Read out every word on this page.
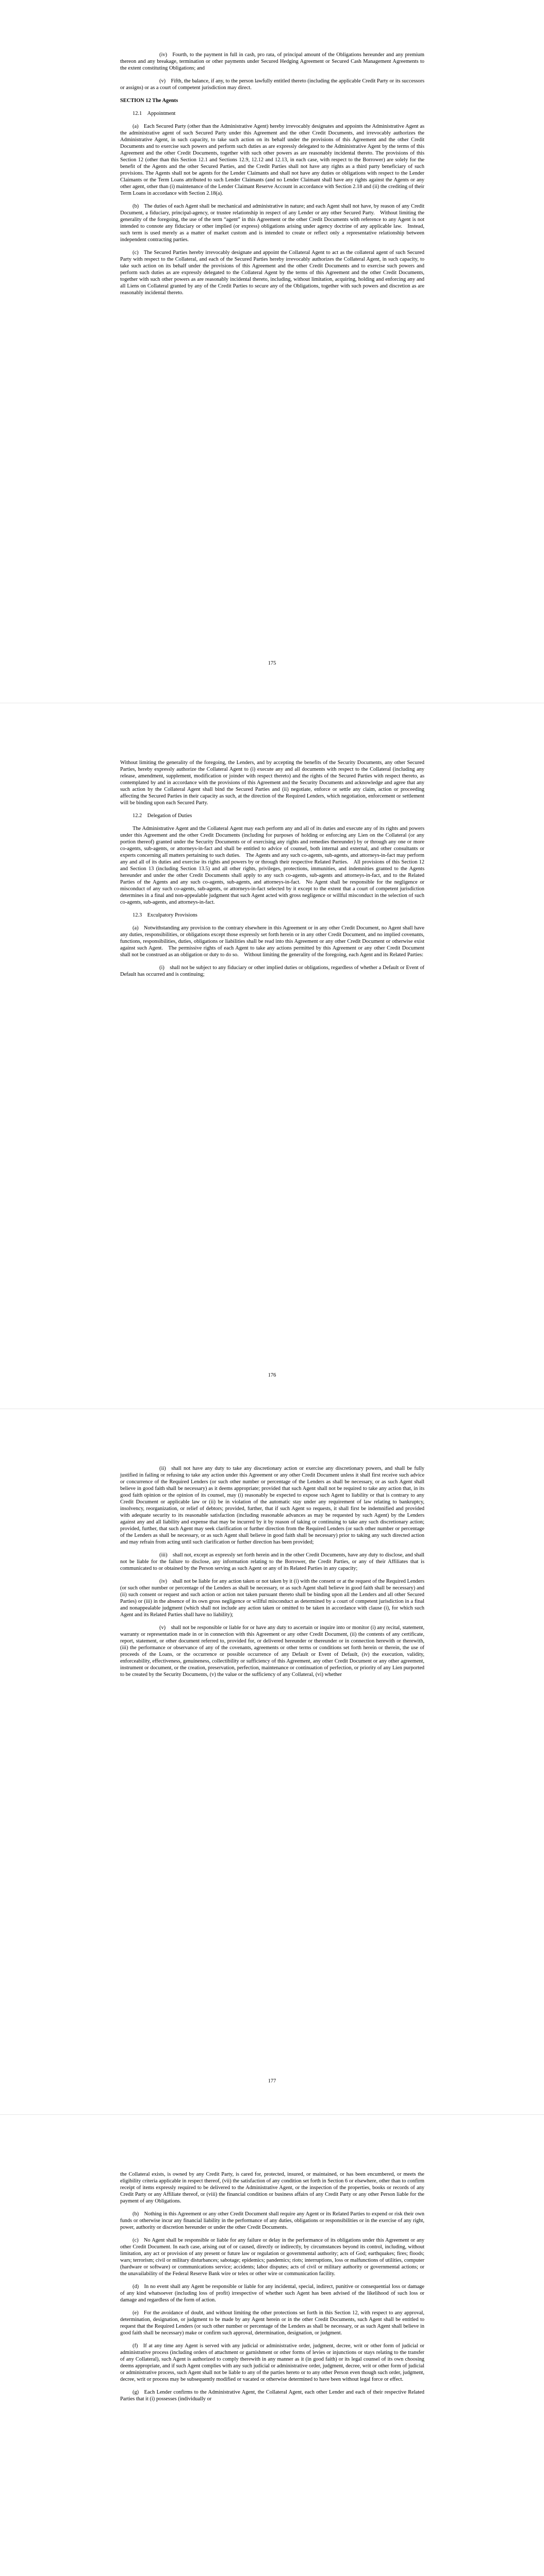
(iv) Fourth, to the payment in full in cash, pro rata, of principal amount of the Obligations hereunder and any premium thereon and any breakage, termination or other payments under Secured Hedging Agreement or Secured Cash Management Agreements to the extent constituting Obligations; and

(v) Fifth, the balance, if any, to the person lawfully entitled thereto (including the applicable Credit Party or its successors or assigns) or as a court of competent jurisdiction may direct.

SECTION 12 The Agents

12.1 Appointment

(a) Each Secured Party (other than the Administrative Agent) hereby irrevocably designates and appoints the Administrative Agent as the administrative agent of such Secured Party under this Agreement and the other Credit Documents, and irrevocably authorizes the Administrative Agent, in such capacity, to take such action on its behalf under the provisions of this Agreement and the other Credit Documents and to exercise such powers and perform such duties as are expressly delegated to the Administrative Agent by the terms of this Agreement and the other Credit Documents, together with such other powers as are reasonably incidental thereto. The provisions of this Section 12 (other than this Section 12.1 and Sections 12.9, 12.12 and 12.13, in each case, with respect to the Borrower) are solely for the benefit of the Agents and the other Secured Parties, and the Credit Parties shall not have any rights as a third party beneficiary of such provisions. The Agents shall not be agents for the Lender Claimants and shall not have any duties or obligations with respect to the Lender Claimants or the Term Loans attributed to such Lender Claimants (and no Lender Claimant shall have any rights against the Agents or any other agent, other than (i) maintenance of the Lender Claimant Reserve Account in accordance with Section 2.18 and (ii) the crediting of their Term Loans in accordance with Section 2.18(a).

(b) The duties of each Agent shall be mechanical and administrative in nature; and each Agent shall not have, by reason of any Credit Document, a fiduciary, principal-agency, or trustee relationship in respect of any Lender or any other Secured Party. Without limiting the generality of the foregoing, the use of the term “agent” in this Agreement or the other Credit Documents with reference to any Agent is not intended to connote any fiduciary or other implied (or express) obligations arising under agency doctrine of any applicable law. Instead, such term is used merely as a matter of market custom and is intended to create or reflect only a representative relationship between independent contracting parties.

(c) The Secured Parties hereby irrevocably designate and appoint the Collateral Agent to act as the collateral agent of such Secured Party with respect to the Collateral, and each of the Secured Parties hereby irrevocably authorizes the Collateral Agent, in such capacity, to take such action on its behalf under the provisions of this Agreement and the other Credit Documents and to exercise such powers and perform such duties as are expressly delegated to the Collateral Agent by the terms of this Agreement and the other Credit Documents, together with such other powers as are reasonably incidental thereto, including, without limitation, acquiring, holding and enforcing any and all Liens on Collateral granted by any of the Credit Parties to secure any of the Obligations, together with such powers and discretion as are reasonably incidental thereto.

175

Without limiting the generality of the foregoing, the Lenders, and by accepting the benefits of the Security Documents, any other Secured Parties, hereby expressly authorize the Collateral Agent to (i) execute any and all documents with respect to the Collateral (including any release, amendment, supplement, modification or joinder with respect thereto) and the rights of the Secured Parties with respect thereto, as contemplated by and in accordance with the provisions of this Agreement and the Security Documents and acknowledge and agree that any such action by the Collateral Agent shall bind the Secured Parties and (ii) negotiate, enforce or settle any claim, action or proceeding affecting the Secured Parties in their capacity as such, at the direction of the Required Lenders, which negotiation, enforcement or settlement will be binding upon each Secured Party.

12.2 Delegation of Duties

The Administrative Agent and the Collateral Agent may each perform any and all of its duties and execute any of its rights and powers under this Agreement and the other Credit Documents (including for purposes of holding or enforcing any Lien on the Collateral (or any portion thereof) granted under the Security Documents or of exercising any rights and remedies thereunder) by or through any one or more co-agents, sub-agents, or attorneys-in-fact and shall be entitled to advice of counsel, both internal and external, and other consultants or experts concerning all matters pertaining to such duties. The Agents and any such co-agents, sub-agents, and attorneys-in-fact may perform any and all of its duties and exercise its rights and powers by or through their respective Related Parties. All provisions of this Section 12 and Section 13 (including Section 13.5) and all other rights, privileges, protections, immunities, and indemnities granted to the Agents hereunder and under the other Credit Documents shall apply to any such co-agents, sub-agents and attorneys-in-fact, and to the Related Parties of the Agents and any such co-agents, sub-agents, and attorneys-in-fact. No Agent shall be responsible for the negligence or misconduct of any such co-agents, sub-agents, or attorneys-in-fact selected by it except to the extent that a court of competent jurisdiction determines in a final and non-appealable judgment that such Agent acted with gross negligence or willful misconduct in the selection of such co-agents, sub-agents, and attorneys-in-fact.

12.3 Exculpatory Provisions

(a) Notwithstanding any provision to the contrary elsewhere in this Agreement or in any other Credit Document, no Agent shall have any duties, responsibilities, or obligations except those expressly set forth herein or in any other Credit Document, and no implied covenants, functions, responsibilities, duties, obligations or liabilities shall be read into this Agreement or any other Credit Document or otherwise exist against such Agent. The permissive rights of each Agent to take any actions permitted by this Agreement or any other Credit Document shall not be construed as an obligation or duty to do so. Without limiting the generality of the foregoing, each Agent and its Related Parties:

(i) shall not be subject to any fiduciary or other implied duties or obligations, regardless of whether a Default or Event of Default has occurred and is continuing;

176

(ii) shall not have any duty to take any discretionary action or exercise any discretionary powers, and shall be fully justified in failing or refusing to take any action under this Agreement or any other Credit Document unless it shall first receive such advice or concurrence of the Required Lenders (or such other number or percentage of the Lenders as shall be necessary, or as such Agent shall believe in good faith shall be necessary) as it deems appropriate; provided that such Agent shall not be required to take any action that, in its good faith opinion or the opinion of its counsel, may (i) reasonably be expected to expose such Agent to liability or that is contrary to any Credit Document or applicable law or (ii) be in violation of the automatic stay under any requirement of law relating to bankruptcy, insolvency, reorganization, or relief of debtors; provided, further, that if such Agent so requests, it shall first be indemnified and provided with adequate security to its reasonable satisfaction (including reasonable advances as may be requested by such Agent) by the Lenders against any and all liability and expense that may be incurred by it by reason of taking or continuing to take any such discretionary action; provided, further, that such Agent may seek clarification or further direction from the Required Lenders (or such other number or percentage of the Lenders as shall be necessary, or as such Agent shall believe in good faith shall be necessary) prior to taking any such directed action and may refrain from acting until such clarification or further direction has been provided;

(iii) shall not, except as expressly set forth herein and in the other Credit Documents, have any duty to disclose, and shall not be liable for the failure to disclose, any information relating to the Borrower, the Credit Parties, or any of their Affiliates that is communicated to or obtained by the Person serving as such Agent or any of its Related Parties in any capacity;

(iv) shall not be liable for any action taken or not taken by it (i) with the consent or at the request of the Required Lenders (or such other number or percentage of the Lenders as shall be necessary, or as such Agent shall believe in good faith shall be necessary) and (ii) such consent or request and such action or action not taken pursuant thereto shall be binding upon all the Lenders and all other Secured Parties) or (iii) in the absence of its own gross negligence or willful misconduct as determined by a court of competent jurisdiction in a final and nonappealable judgment (which shall not include any action taken or omitted to be taken in accordance with clause (i), for which such Agent and its Related Parties shall have no liability);

(v) shall not be responsible or liable for or have any duty to ascertain or inquire into or monitor (i) any recital, statement, warranty or representation made in or in connection with this Agreement or any other Credit Document, (ii) the contents of any certificate, report, statement, or other document referred to, provided for, or delivered hereunder or thereunder or in connection herewith or therewith, (iii) the performance or observance of any of the covenants, agreements or other terms or conditions set forth herein or therein, the use of proceeds of the Loans, or the occurrence or possible occurrence of any Default or Event of Default, (iv) the execution, validity, enforceability, effectiveness, genuineness, collectibility or sufficiency of this Agreement, any other Credit Document or any other agreement, instrument or document, or the creation, preservation, perfection, maintenance or continuation of perfection, or priority of any Lien purported to be created by the Security Documents, (v) the value or the sufficiency of any Collateral, (vi) whether

177

the Collateral exists, is owned by any Credit Party, is cared for, protected, insured, or maintained, or has been encumbered, or meets the eligibility criteria applicable in respect thereof, (vii) the satisfaction of any condition set forth in Section 6 or elsewhere, other than to confirm receipt of items expressly required to be delivered to the Administrative Agent, or the inspection of the properties, books or records of any Credit Party or any Affiliate thereof, or (viii) the financial condition or business affairs of any Credit Party or any other Person liable for the payment of any Obligations.

(b) Nothing in this Agreement or any other Credit Document shall require any Agent or its Related Parties to expend or risk their own funds or otherwise incur any financial liability in the performance of any duties, obligations or responsibilities or in the exercise of any right, power, authority or discretion hereunder or under the other Credit Documents.

(c) No Agent shall be responsible or liable for any failure or delay in the performance of its obligations under this Agreement or any other Credit Document. In each case, arising out of or caused, directly or indirectly, by circumstances beyond its control, including, without limitation, any act or provision of any present or future law or regulation or governmental authority; acts of God; earthquakes; fires; floods; wars; terrorism; civil or military disturbances; sabotage; epidemics; pandemics; riots; interruptions, loss or malfunctions of utilities, computer (hardware or software) or communications service; accidents; labor disputes; acts of civil or military authority or governmental actions; or the unavailability of the Federal Reserve Bank wire or telex or other wire or communication facility.

(d) In no event shall any Agent be responsible or liable for any incidental, special, indirect, punitive or consequential loss or damage of any kind whatsoever (including loss of profit) irrespective of whether such Agent has been advised of the likelihood of such loss or damage and regardless of the form of action.

(e) For the avoidance of doubt, and without limiting the other protections set forth in this Section 12, with respect to any approval, determination, designation, or judgment to be made by any Agent herein or in the other Credit Documents, such Agent shall be entitled to request that the Required Lenders (or such other number or percentage of the Lenders as shall be necessary, or as such Agent shall believe in good faith shall be necessary) make or confirm such approval, determination, designation, or judgment.

(f) If at any time any Agent is served with any judicial or administrative order, judgment, decree, writ or other form of judicial or administrative process (including orders of attachment or garnishment or other forms of levies or injunctions or stays relating to the transfer of any Collateral), such Agent is authorized to comply therewith in any manner as it (in good faith) or its legal counsel of its own choosing deems appropriate, and if such Agent complies with any such judicial or administrative order, judgment, decree, writ or other form of judicial or administrative process, such Agent shall not be liable to any of the parties hereto or to any other Person even though such order, judgment, decree, writ or process may be subsequently modified or vacated or otherwise determined to have been without legal force or effect.

(g) Each Lender confirms to the Administrative Agent, the Collateral Agent, each other Lender and each of their respective Related Parties that it (i) possesses (individually or
